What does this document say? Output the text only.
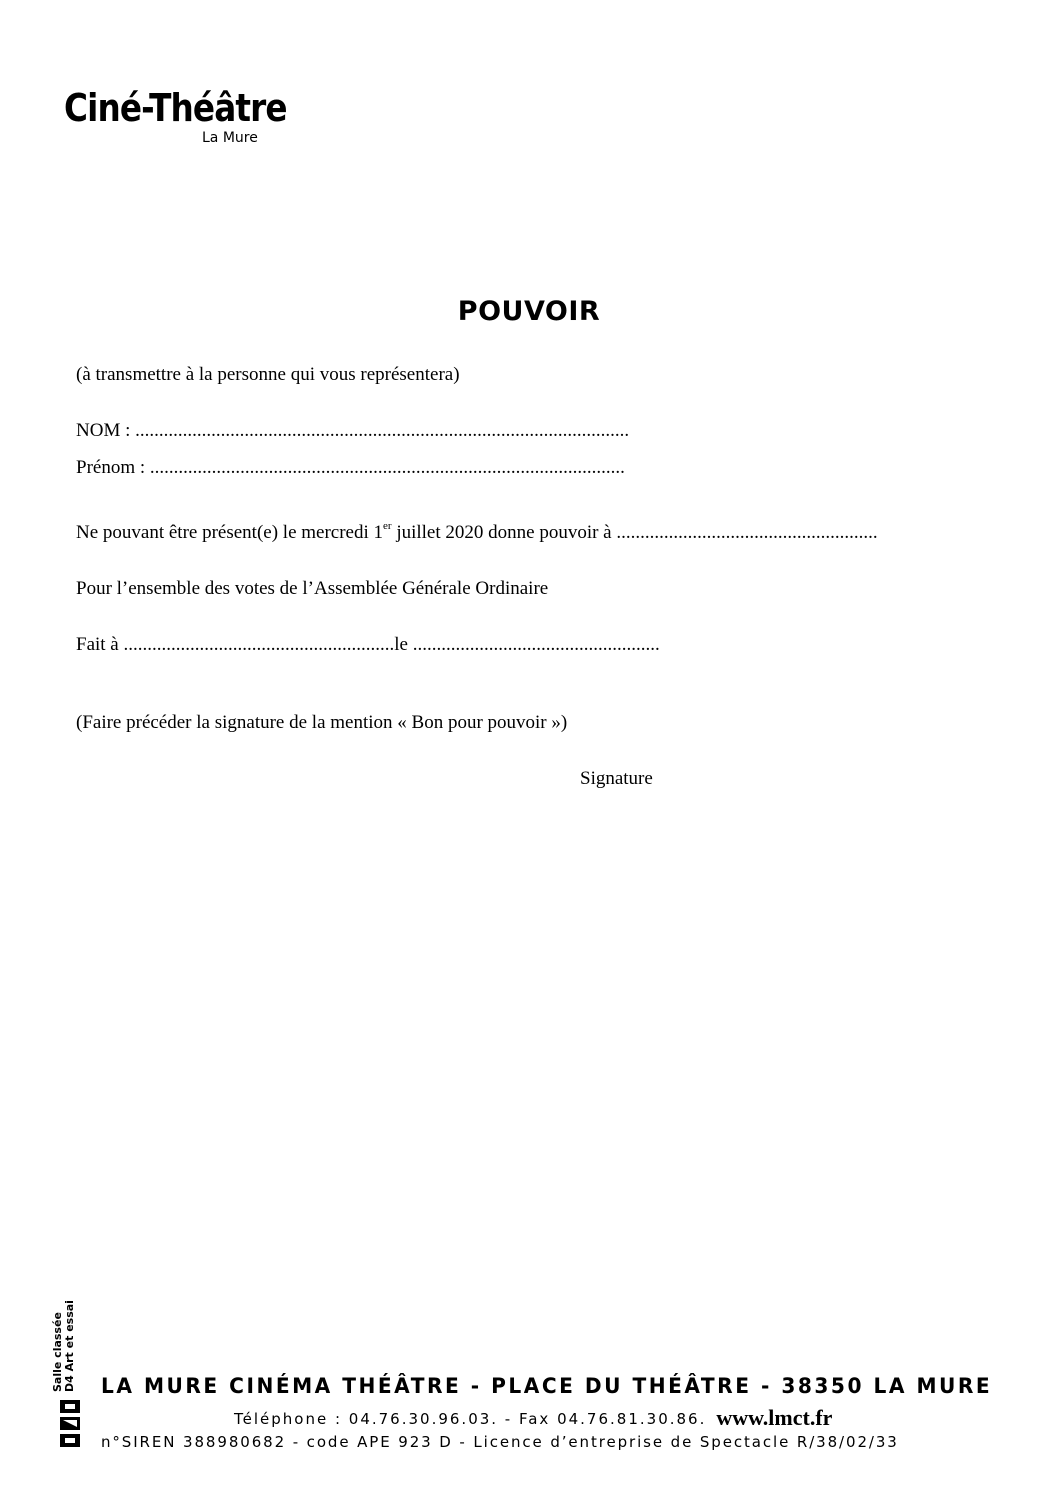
Ciné-Théâtre
La Mure
POUVOIR
(à transmettre à la personne qui vous représentera)
NOM : ........................................................................................................
Prénom : ....................................................................................................
Ne pouvant être présent(e) le mercredi 1er juillet 2020 donne pouvoir à .......................................................
Pour l’ensemble des votes de l’Assemblée Générale Ordinaire
Fait à .........................................................le ....................................................
(Faire précéder la signature de la mention « Bon pour pouvoir »)
Signature
Salle classée D4 Art et essai LA MURE CINÉMA THÉÂTRE - PLACE DU THÉÂTRE - 38350 LA MURE
Téléphone : 04.76.30.96.03. - Fax 04.76.81.30.86. www.lmct.fr
n°SIREN 388980682 - code APE 923 D - Licence d’entreprise de Spectacle R/38/02/33
